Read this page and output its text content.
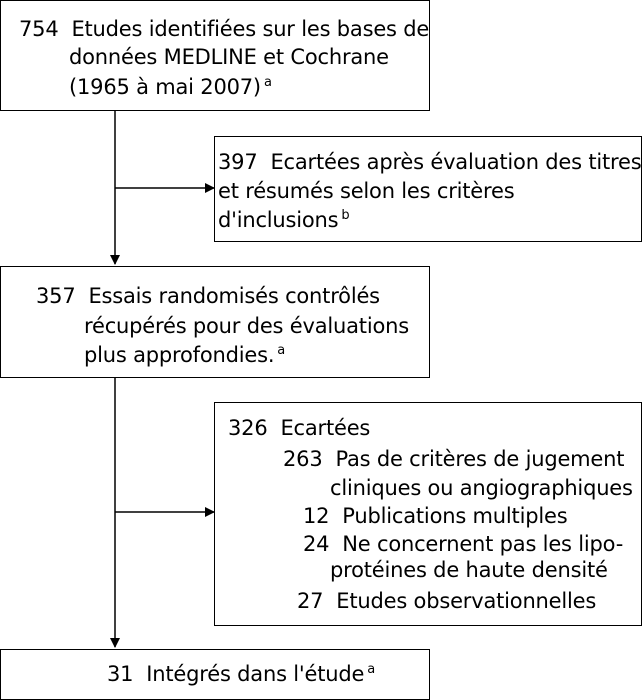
754 Etudes identifiées sur les bases de
données MEDLINE et Cochrane
(1965 à mai 2007) $^a$
397 Ecartées après évaluation des titres
et résumés selon les critères
d'inclusions $^b$
357 Essais randomisés contrôlés
récupérés pour des évaluations
plus approfondies. $^a$
326 Ecartées
263 Pas de critères de jugement
cliniques ou angiographiques
12 Publications multiples
24 Ne concernent pas les lipo-
protéines de haute densité
27 Etudes observationnelles
31 Intégrés dans l'étude $^a$
